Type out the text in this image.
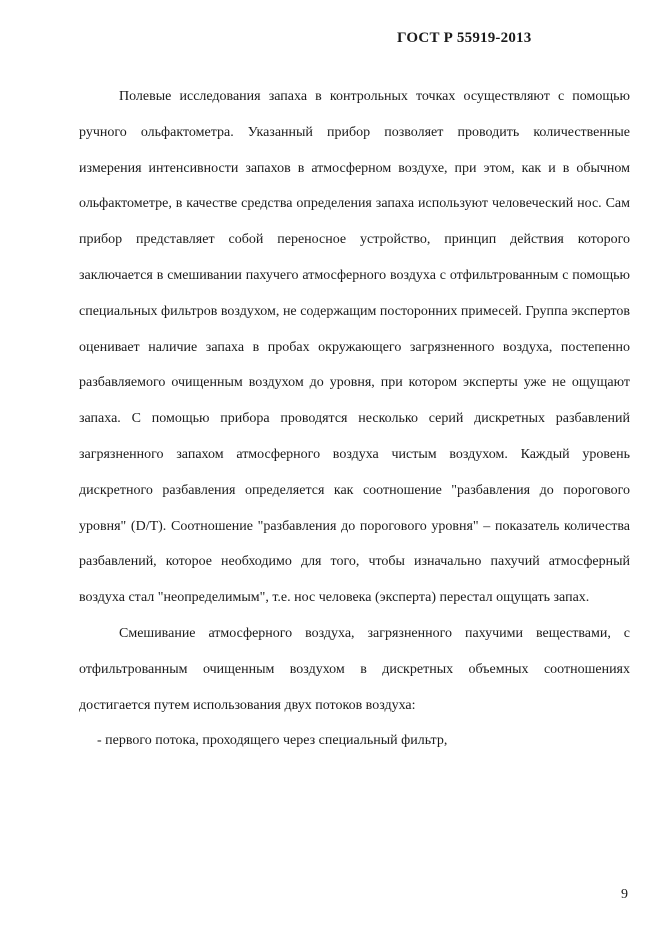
ГОСТ Р 55919-2013

Полевые исследования запаха в контрольных точках осуществляют с помощью ручного ольфактометра. Указанный прибор позволяет проводить количественные измерения интенсивности запахов в атмосферном воздухе, при этом, как и в обычном ольфактометре, в качестве средства определения запаха используют человеческий нос. Сам прибор представляет собой переносное устройство, принцип действия которого заключается в смешивании пахучего атмосферного воздуха с отфильтрованным с помощью специальных фильтров воздухом, не содержащим посторонних примесей. Группа экспертов оценивает наличие запаха в пробах окружающего загрязненного воздуха, постепенно разбавляемого очищенным воздухом до уровня, при котором эксперты уже не ощущают запаха. С помощью прибора проводятся несколько серий дискретных разбавлений загрязненного запахом атмосферного воздуха чистым воздухом. Каждый уровень дискретного разбавления определяется как соотношение "разбавления до порогового уровня" (D/T). Соотношение "разбавления до порогового уровня" – показатель количества разбавлений, которое необходимо для того, чтобы изначально пахучий атмосферный воздуха стал "неопределимым", т.е. нос человека (эксперта) перестал ощущать запах.

Смешивание атмосферного воздуха, загрязненного пахучими веществами, с отфильтрованным очищенным воздухом в дискретных объемных соотношениях достигается путем использования двух потоков воздуха:

- первого потока, проходящего через специальный фильтр,

9
